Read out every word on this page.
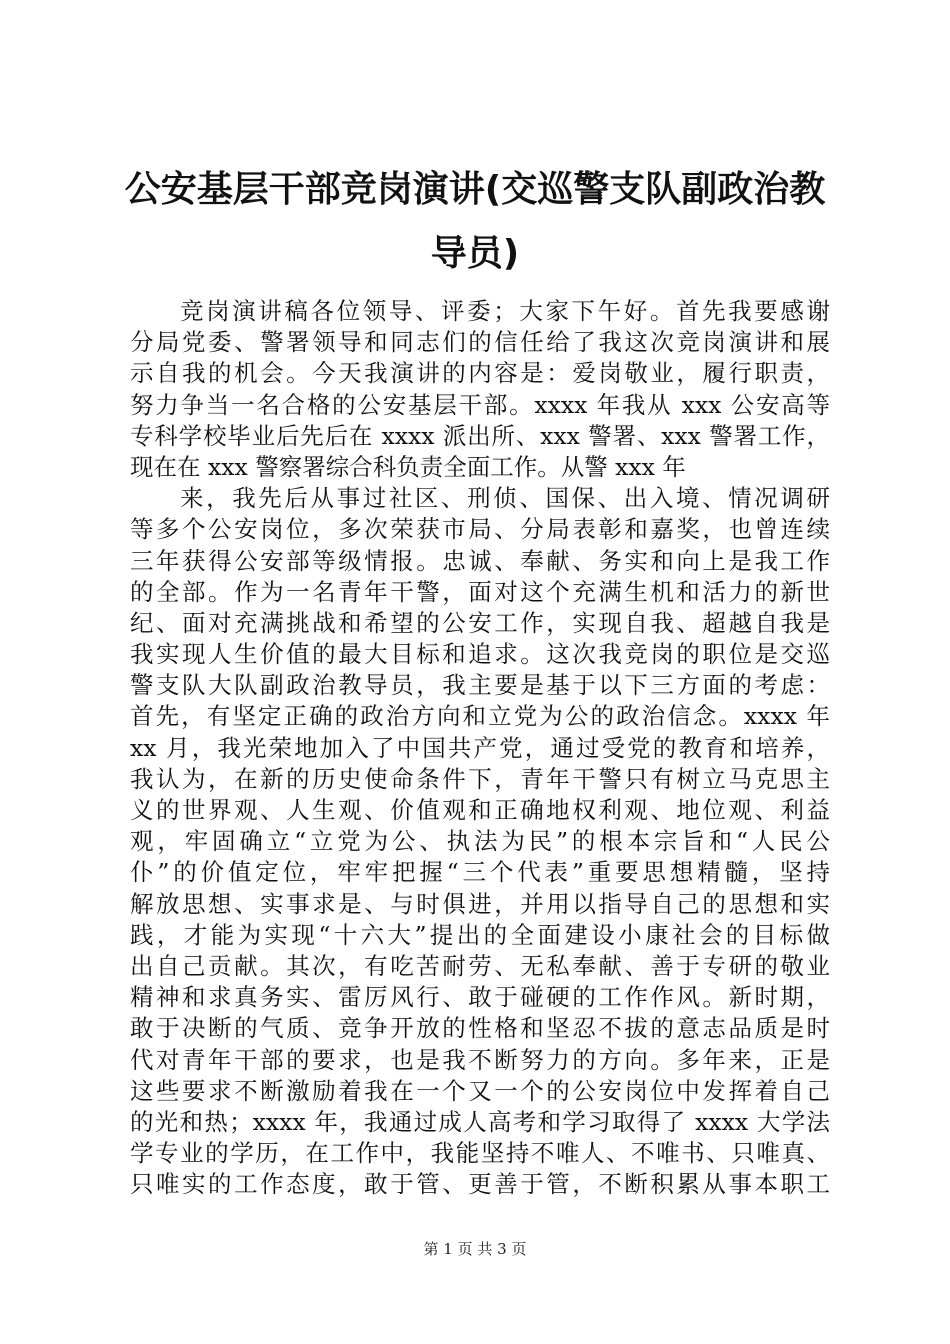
公安基层干部竞岗演讲(交巡警支队副政治教导员)
竞岗演讲稿各位领导、评委；大家下午好。首先我要感谢
分局党委、警署领导和同志们的信任给了我这次竞岗演讲和展
示自我的机会。今天我演讲的内容是：爱岗敬业，履行职责，
努力争当一名合格的公安基层干部。xxxx 年我从 xxx 公安高等
专科学校毕业后先后在 xxxx 派出所、xxx 警署、xxx 警署工作，
现在在 xxx 警察署综合科负责全面工作。从警 xxx 年
来，我先后从事过社区、刑侦、国保、出入境、情况调研
等多个公安岗位，多次荣获市局、分局表彰和嘉奖，也曾连续
三年获得公安部等级情报。忠诚、奉献、务实和向上是我工作
的全部。作为一名青年干警，面对这个充满生机和活力的新世
纪、面对充满挑战和希望的公安工作，实现自我、超越自我是
我实现人生价值的最大目标和追求。这次我竞岗的职位是交巡
警支队大队副政治教导员，我主要是基于以下三方面的考虑：
首先，有坚定正确的政治方向和立党为公的政治信念。xxxx 年
xx 月，我光荣地加入了中国共产党，通过受党的教育和培养，
我认为，在新的历史使命条件下，青年干警只有树立马克思主
义的世界观、人生观、价值观和正确地权利观、地位观、利益
观，牢固确立“立党为公、执法为民”的根本宗旨和“人民公
仆”的价值定位，牢牢把握“三个代表”重要思想精髓，坚持
解放思想、实事求是、与时俱进，并用以指导自己的思想和实
践，才能为实现“十六大”提出的全面建设小康社会的目标做
出自己贡献。其次，有吃苦耐劳、无私奉献、善于专研的敬业
精神和求真务实、雷厉风行、敢于碰硬的工作作风。新时期，
敢于决断的气质、竞争开放的性格和坚忍不拔的意志品质是时
代对青年干部的要求，也是我不断努力的方向。多年来，正是
这些要求不断激励着我在一个又一个的公安岗位中发挥着自己
的光和热；xxxx 年，我通过成人高考和学习取得了 xxxx 大学法
学专业的学历，在工作中，我能坚持不唯人、不唯书、只唯真、
只唯实的工作态度，敢于管、更善于管，不断积累从事本职工
第 1 页 共 3 页
